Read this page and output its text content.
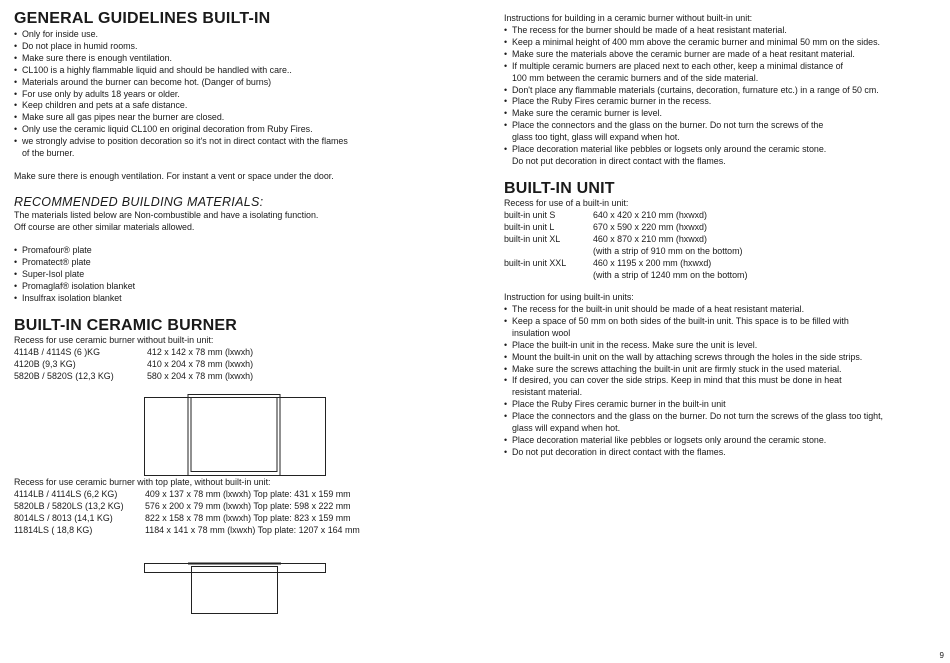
GENERAL GUIDELINES BUILT-IN
• Only for inside use.
• Do not place in humid rooms.
• Make sure there is enough ventilation.
• CL100 is a highly flammable liquid and should be handled with care..
• Materials around the burner can become hot. (Danger of burns)
• For use only by adults 18 years or older.
• Keep children and pets at a safe distance.
• Make sure all gas pipes near the burner are closed.
• Only use the ceramic liquid CL100 en original decoration from Ruby Fires.
• we strongly advise to position decoration so it's not in direct contact with the flames
of the burner.
Make sure there is enough ventilation. For instant a vent or space under the door.
RECOMMENDED BUILDING MATERIALS:
The materials listed below are Non-combustible and have a isolating function.
Off course are other similar materials allowed.
• Promafour® plate
• Promatect® plate
• Super-Isol plate
• Promaglaf® isolation blanket
• Insulfrax isolation blanket
BUILT-IN CERAMIC BURNER
Recess for use ceramic burner without built-in unit:
4114B / 4114S (6 )KG	412 x 142 x 78 mm (lxwxh)
4120B (9,3 KG)	410 x 204 x 78 mm (lxwxh)
5820B / 5820S (12,3 KG)	580 x 204 x 78 mm (lxwxh)
Recess for use ceramic burner with top plate, without built-in unit:
4114LB / 4114LS (6,2 KG)	409 x 137 x 78 mm (lxwxh) Top plate: 431 x 159 mm
5820LB / 5820LS (13,2 KG)	576 x 200 x 79 mm (lxwxh) Top plate: 598 x 222 mm
8014LS / 8013 (14,1 KG)	822 x 158 x 78 mm (lxwxh) Top plate: 823 x 159 mm
11814LS ( 18,8 KG)	1184 x 141 x 78 mm (lxwxh) Top plate: 1207 x 164 mm
Instructions for building in a ceramic burner without built-in unit:
• The recess for the burner should be made of a heat resistant material.
• Keep a minimal height of 400 mm above the ceramic burner and minimal 50 mm on the sides.
• Make sure the materials above the ceramic burner are made of a heat resitant material.
• If multiple ceramic burners are placed next to each other, keep a minimal distance of
100 mm between the ceramic burners and of the side material.
• Don't place any flammable materials (curtains, decoration, furnature etc.) in a range of 50 cm.
• Place the Ruby Fires ceramic burner in the recess.
• Make sure the ceramic burner is level.
• Place the connectors and the glass on the burner. Do not turn the screws of the
glass too tight, glass will expand when hot.
• Place decoration material like pebbles or logsets only around the ceramic stone.
Do not put decoration in direct contact with the flames.
BUILT-IN UNIT
Recess for use of a built-in unit:
built-in unit S	640 x 420 x 210 mm (hxwxd)
built-in unit L	670 x 590 x 220 mm (hxwxd)
built-in unit XL	460 x 870 x 210 mm (hxwxd)
(with a strip of 910 mm on the bottom)
built-in unit XXL	460 x 1195 x 200 mm (hxwxd)
(with a strip of 1240 mm on the bottom)
Instruction for using built-in units:
• The recess for the built-in unit should be made of a heat resistant material.
• Keep a space of 50 mm on both sides of the built-in unit. This space is to be filled with
insulation wool
• Place the built-in unit in the recess. Make sure the unit is level.
• Mount the built-in unit on the wall by attaching screws through the holes in the side strips.
• Make sure the screws attaching the built-in unit are firmly stuck in the used material.
• If desired, you can cover the side strips. Keep in mind that this must be done in heat
resistant material.
• Place the Ruby Fires ceramic burner in the built-in unit
• Place the connectors and the glass on the burner. Do not turn the screws of the glass too tight,
glass will expand when hot.
• Place decoration material like pebbles or logsets only around the ceramic stone.
• Do not put decoration in direct contact with the flames.
9
